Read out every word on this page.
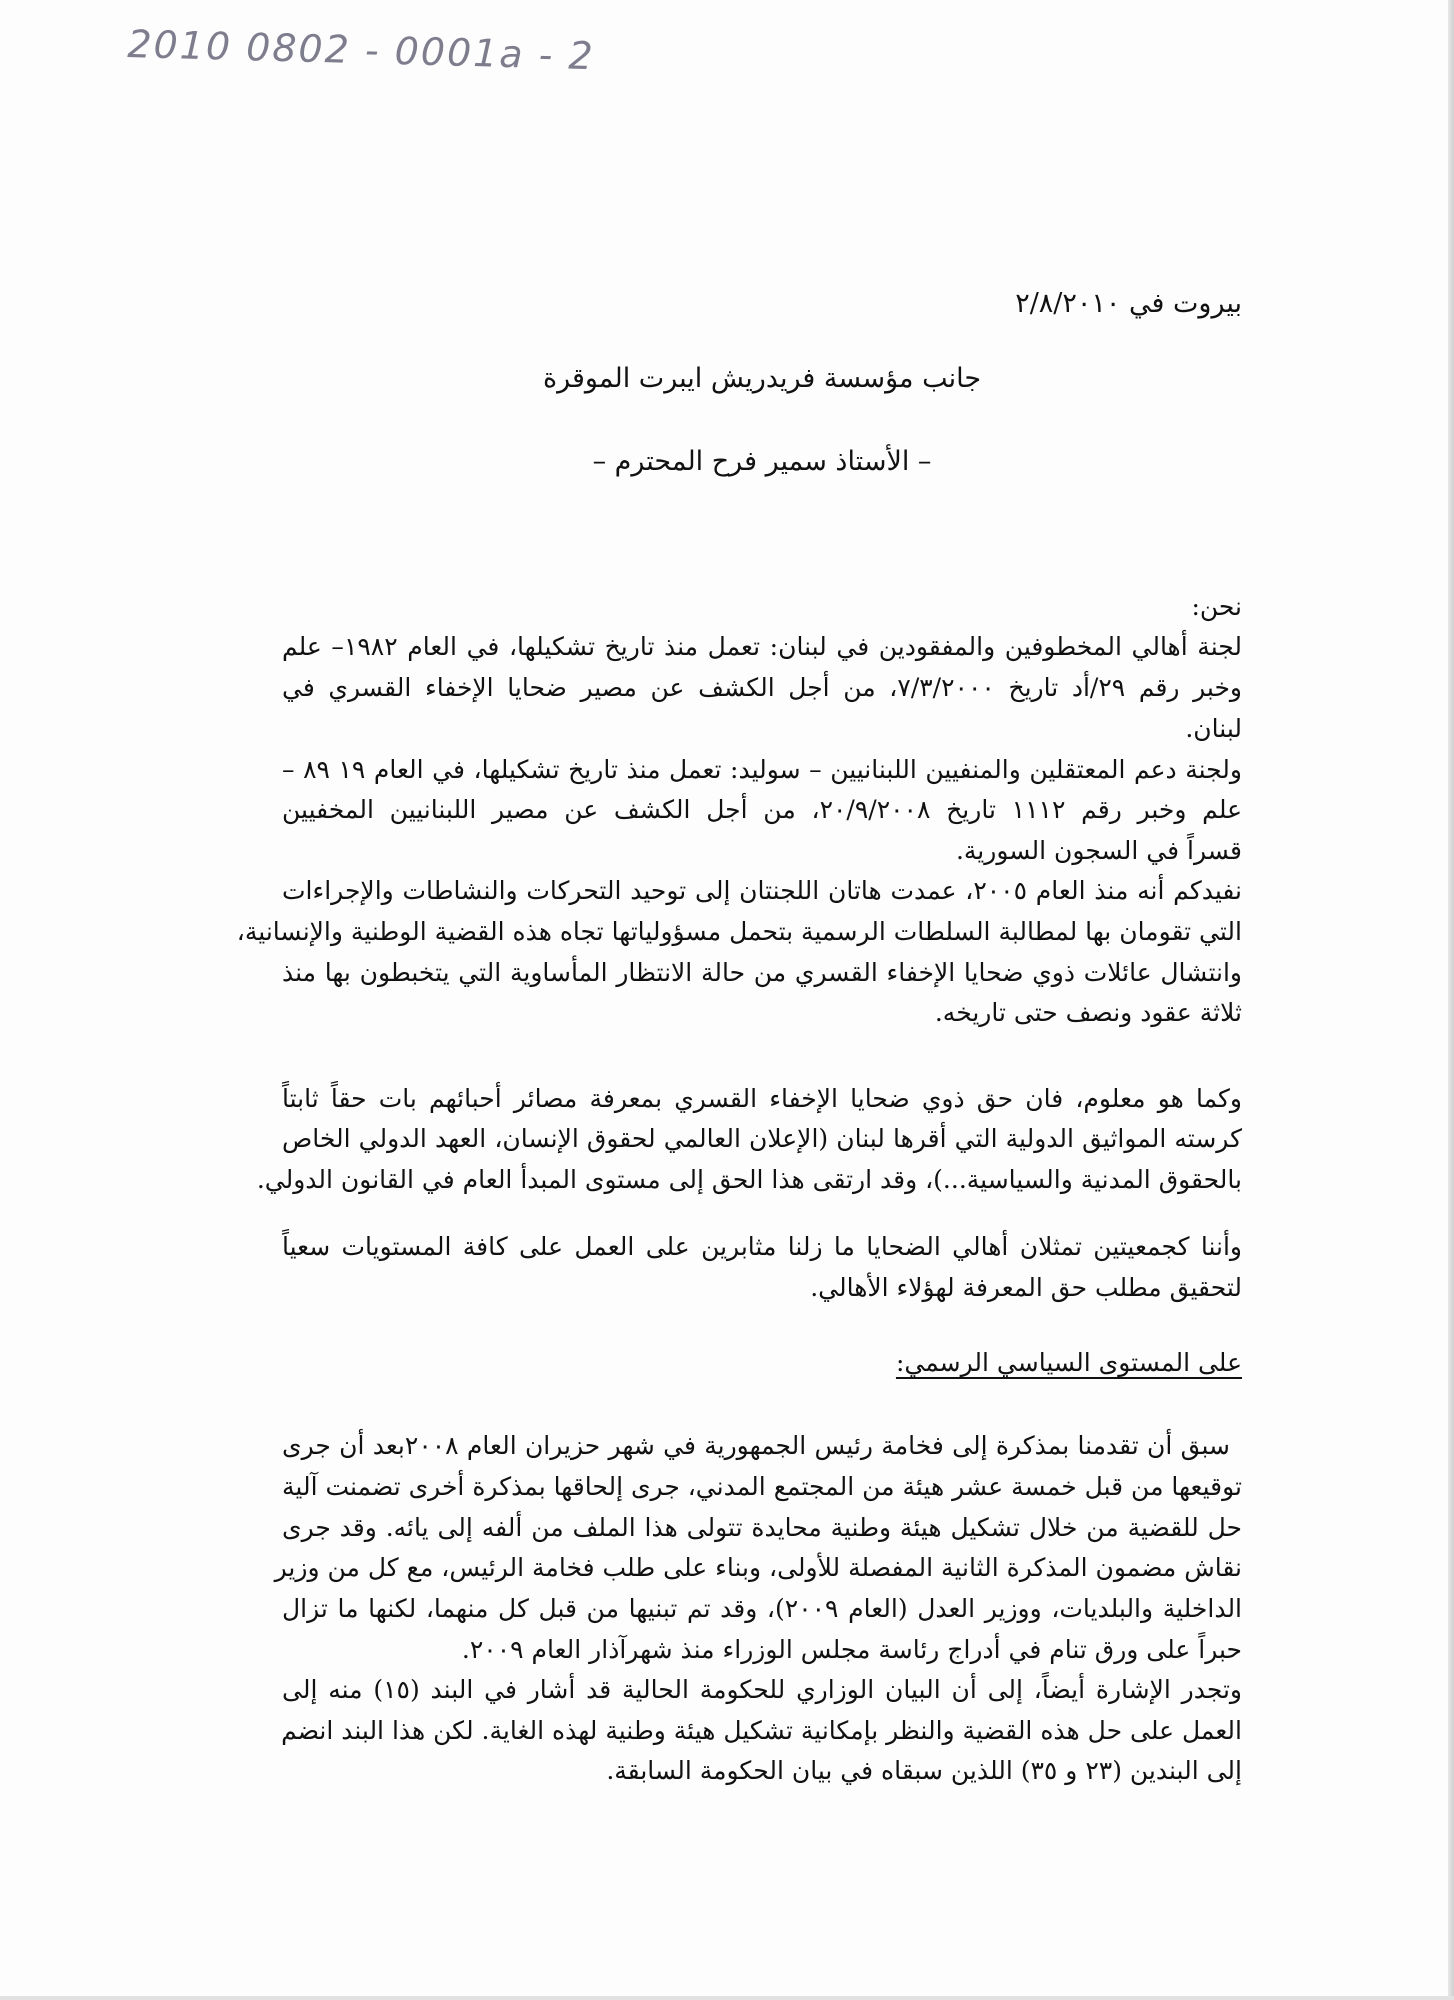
2010 0802 - 0001a - 2
بيروت في ٢/٨/٢٠١٠
جانب مؤسسة فريدريش ايبرت الموقرة
– الأستاذ سمير فرح المحترم –
نحن:
لجنة أهالي المخطوفين والمفقودين في لبنان: تعمل منذ تاريخ تشكيلها، في العام ١٩٨٢– علم
وخبر رقم ٢٩/أد تاريخ ٧/٣/٢٠٠٠، من أجل الكشف عن مصير ضحايا الإخفاء القسري في
لبنان.
ولجنة دعم المعتقلين والمنفيين اللبنانيين – سوليد: تعمل منذ تاريخ تشكيلها، في العام ١٩ ٨٩ –
علم وخبر رقم ١١١٢ تاريخ ٢٠/٩/٢٠٠٨، من أجل الكشف عن مصير اللبنانيين المخفيين
قسراً في السجون السورية.
نفيدكم أنه منذ العام ٢٠٠٥، عمدت هاتان اللجنتان إلى توحيد التحركات والنشاطات والإجراءات
التي تقومان بها لمطالبة السلطات الرسمية بتحمل مسؤولياتها تجاه هذه القضية الوطنية والإنسانية،
وانتشال عائلات ذوي ضحايا الإخفاء القسري من حالة الانتظار المأساوية التي يتخبطون بها منذ
ثلاثة عقود ونصف حتى تاريخه.
وكما هو معلوم، فان حق ذوي ضحايا الإخفاء القسري بمعرفة مصائر أحبائهم بات حقاً ثابتاً
كرسته المواثيق الدولية التي أقرها لبنان (الإعلان العالمي لحقوق الإنسان، العهد الدولي الخاص
بالحقوق المدنية والسياسية...)، وقد ارتقى هذا الحق إلى مستوى المبدأ العام في القانون الدولي.
وأننا كجمعيتين تمثلان أهالي الضحايا ما زلنا مثابرين على العمل على كافة المستويات سعياً
لتحقيق مطلب حق المعرفة لهؤلاء الأهالي.
على المستوى السياسي الرسمي:
سبق أن تقدمنا بمذكرة إلى فخامة رئيس الجمهورية في شهر حزيران العام ٢٠٠٨بعد أن جرى
توقيعها من قبل خمسة عشر هيئة من المجتمع المدني، جرى إلحاقها بمذكرة أخرى تضمنت آلية
حل للقضية من خلال تشكيل هيئة وطنية محايدة تتولى هذا الملف من ألفه إلى يائه. وقد جرى
نقاش مضمون المذكرة الثانية المفصلة للأولى، وبناء على طلب فخامة الرئيس، مع كل من وزير
الداخلية والبلديات، ووزير العدل (العام ٢٠٠٩)، وقد تم تبنيها من قبل كل منهما، لكنها ما تزال
حبراً على ورق تنام في أدراج رئاسة مجلس الوزراء منذ شهرآذار العام ٢٠٠٩.
وتجدر الإشارة أيضاً، إلى أن البيان الوزاري للحكومة الحالية قد أشار في البند (١٥) منه إلى
العمل على حل هذه القضية والنظر بإمكانية تشكيل هيئة وطنية لهذه الغاية. لكن هذا البند انضم
إلى البندين (٢٣ و ٣٥) اللذين سبقاه في بيان الحكومة السابقة.
